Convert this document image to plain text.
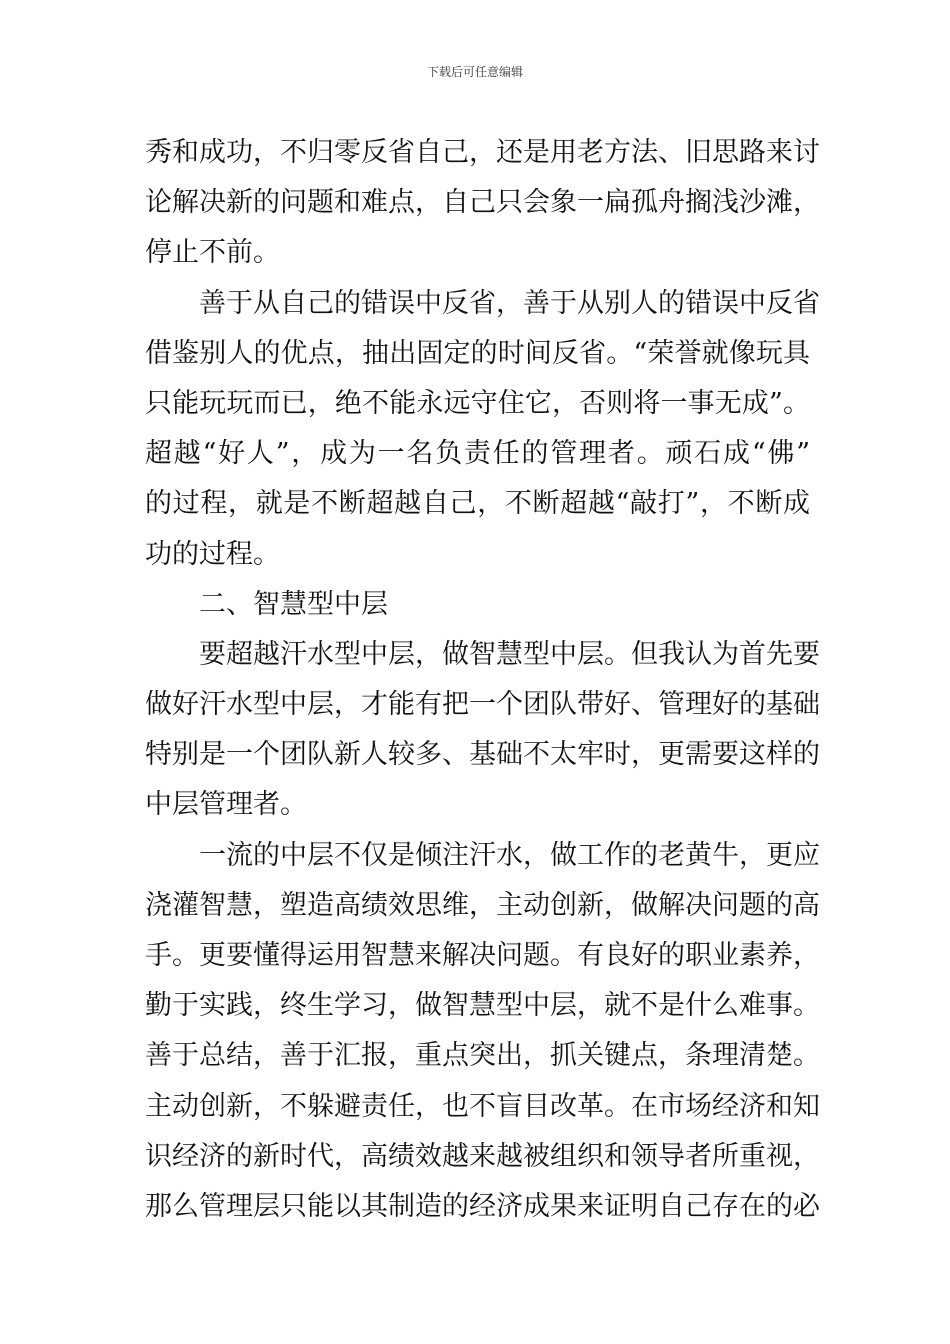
下载后可任意编辑
秀和成功，不归零反省自己，还是用老方法、旧思路来讨
论解决新的问题和难点，自己只会象一扁孤舟搁浅沙滩，
停止不前。
善于从自己的错误中反省，善于从别人的错误中反省
借鉴别人的优点，抽出固定的时间反省。“荣誉就像玩具
只能玩玩而已，绝不能永远守住它，否则将一事无成”。
超越“好人”，成为一名负责任的管理者。顽石成“佛”
的过程，就是不断超越自己，不断超越“敲打”，不断成
功的过程。
二、智慧型中层
要超越汗水型中层，做智慧型中层。但我认为首先要
做好汗水型中层，才能有把一个团队带好、管理好的基础
特别是一个团队新人较多、基础不太牢时，更需要这样的
中层管理者。
一流的中层不仅是倾注汗水，做工作的老黄牛，更应
浇灌智慧，塑造高绩效思维，主动创新，做解决问题的高
手。更要懂得运用智慧来解决问题。有良好的职业素养，
勤于实践，终生学习，做智慧型中层，就不是什么难事。
善于总结，善于汇报，重点突出，抓关键点，条理清楚。
主动创新，不躲避责任，也不盲目改革。在市场经济和知
识经济的新时代，高绩效越来越被组织和领导者所重视，
那么管理层只能以其制造的经济成果来证明自己存在的必
